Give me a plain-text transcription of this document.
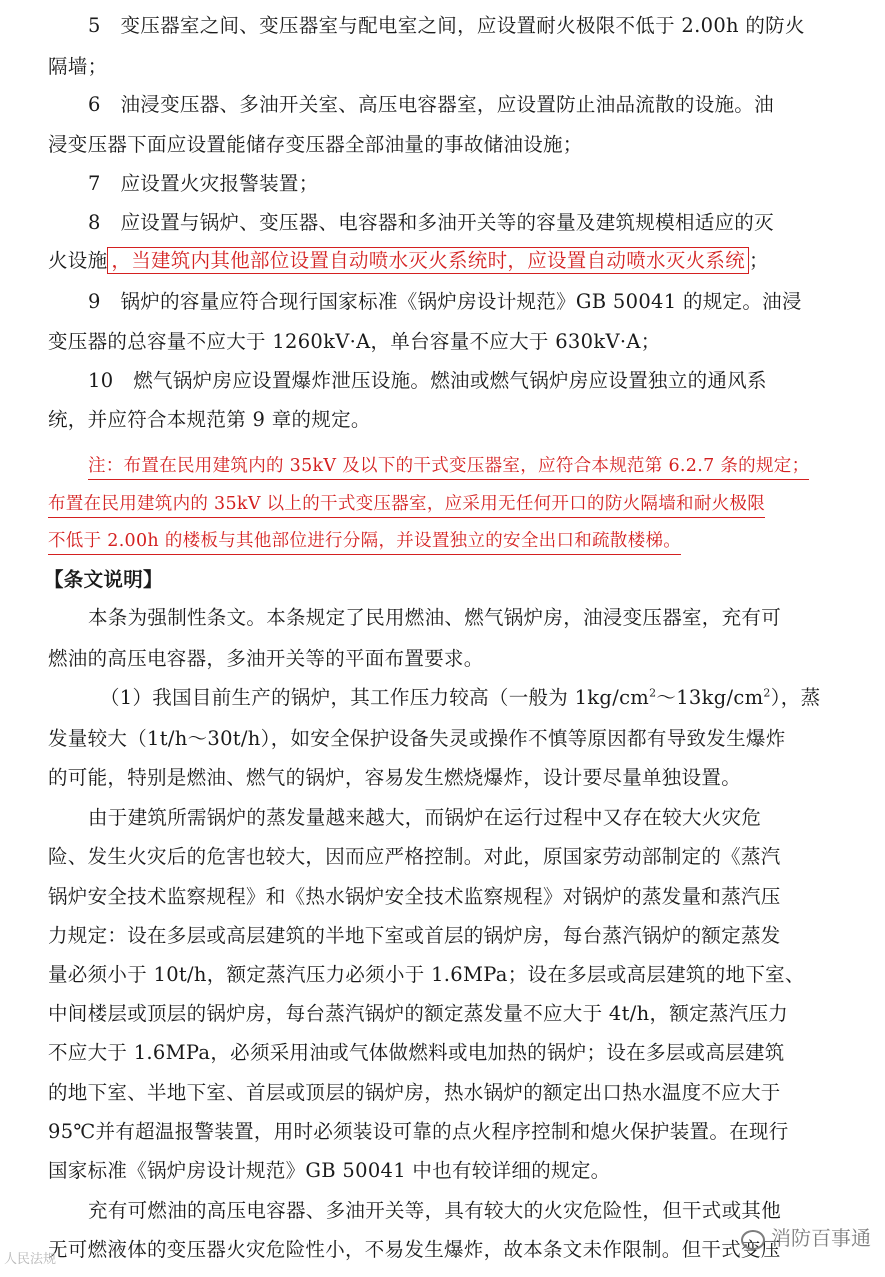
5　变压器室之间、变压器室与配电室之间，应设置耐火极限不低于 2.00h 的防火
隔墙；
6　油浸变压器、多油开关室、高压电容器室，应设置防止油品流散的设施。油
浸变压器下面应设置能储存变压器全部油量的事故储油设施；
7　应设置火灾报警装置；
8　应设置与锅炉、变压器、电容器和多油开关等的容量及建筑规模相适应的灭
火设施 ，当建筑内其他部位设置自动喷水灭火系统时，应设置自动喷水灭火系统 ；
9　锅炉的容量应符合现行国家标准《锅炉房设计规范》GB 50041 的规定。油浸
变压器的总容量不应大于 1260kV·A，单台容量不应大于 630kV·A；
10　燃气锅炉房应设置爆炸泄压设施。燃油或燃气锅炉房应设置独立的通风系
统，并应符合本规范第 9 章的规定。
注：布置在民用建筑内的 35kV 及以下的干式变压器室，应符合本规范第 6.2.7 条的规定；
布置在民用建筑内的 35kV 以上的干式变压器室，应采用无任何开口的防火隔墙和耐火极限
不低于 2.00h 的楼板与其他部位进行分隔，并设置独立的安全出口和疏散楼梯。
【条文说明】
本条为强制性条文。本条规定了民用燃油、燃气锅炉房，油浸变压器室，充有可
燃油的高压电容器，多油开关等的平面布置要求。
（1）我国目前生产的锅炉，其工作压力较高（一般为 $1kg/cm^2\sim 13kg/cm^2$），蒸
发量较大（1t/h～30t/h），如安全保护设备失灵或操作不慎等原因都有导致发生爆炸
的可能，特别是燃油、燃气的锅炉，容易发生燃烧爆炸，设计要尽量单独设置。
由于建筑所需锅炉的蒸发量越来越大，而锅炉在运行过程中又存在较大火灾危
险、发生火灾后的危害也较大，因而应严格控制。对此，原国家劳动部制定的《蒸汽
锅炉安全技术监察规程》和《热水锅炉安全技术监察规程》对锅炉的蒸发量和蒸汽压
力规定：设在多层或高层建筑的半地下室或首层的锅炉房，每台蒸汽锅炉的额定蒸发
量必须小于 10t/h，额定蒸汽压力必须小于 1.6MPa；设在多层或高层建筑的地下室、
中间楼层或顶层的锅炉房，每台蒸汽锅炉的额定蒸发量不应大于 4t/h，额定蒸汽压力
不应大于 1.6MPa，必须采用油或气体做燃料或电加热的锅炉；设在多层或高层建筑
的地下室、半地下室、首层或顶层的锅炉房，热水锅炉的额定出口热水温度不应大于
95℃并有超温报警装置，用时必须装设可靠的点火程序控制和熄火保护装置。在现行
国家标准《锅炉房设计规范》GB 50041 中也有较详细的规定。
充有可燃油的高压电容器、多油开关等，具有较大的火灾危险性，但干式或其他
无可燃液体的变压器火灾危险性小，不易发生爆炸，故本条文未作限制。但干式变压
消防百事通
人民法规
